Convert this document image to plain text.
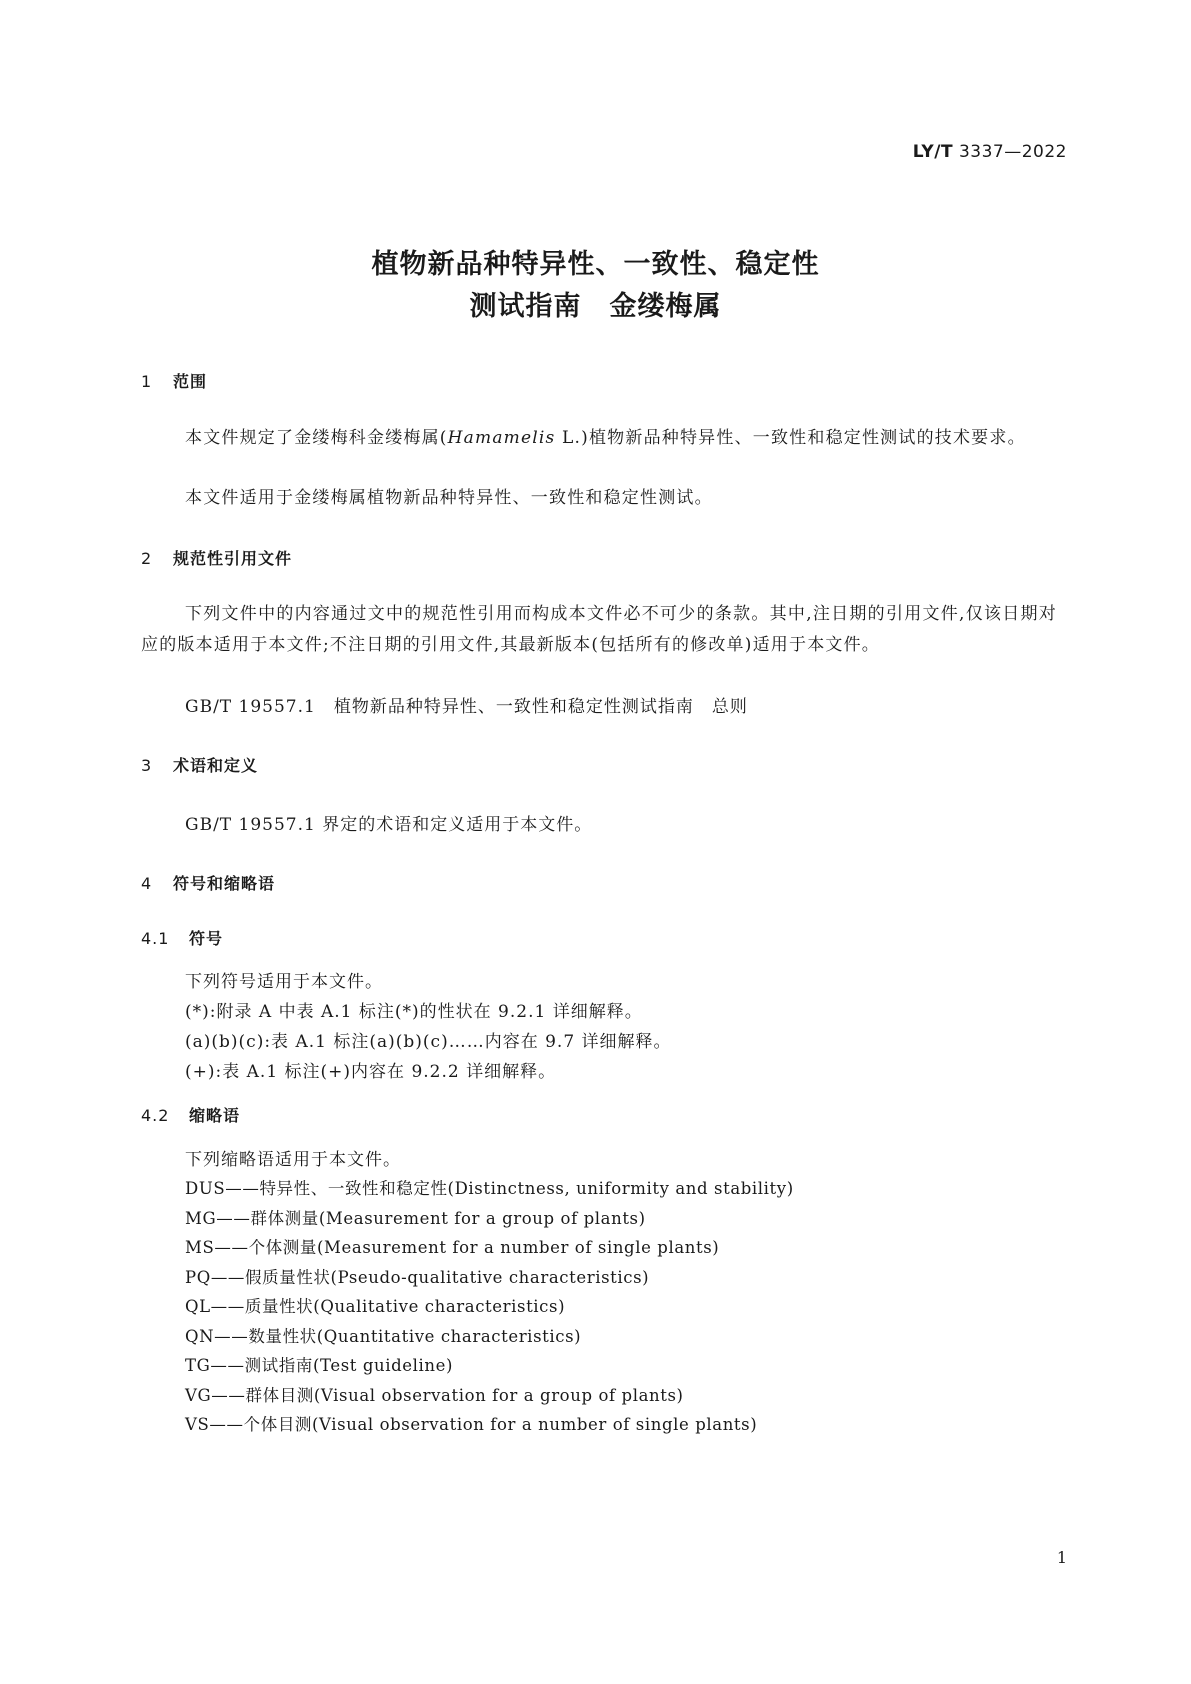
LY/T 3337—2022
植物新品种特异性、一致性、稳定性
测试指南　金缕梅属
1 范围
本文件规定了金缕梅科金缕梅属(Hamamelis L.)植物新品种特异性、一致性和稳定性测试的技术要求。
本文件适用于金缕梅属植物新品种特异性、一致性和稳定性测试。
2 规范性引用文件
下列文件中的内容通过文中的规范性引用而构成本文件必不可少的条款。其中,注日期的引用文件,仅该日期对应的版本适用于本文件;不注日期的引用文件,其最新版本(包括所有的修改单)适用于本文件。
GB/T 19557.1　植物新品种特异性、一致性和稳定性测试指南　总则
3 术语和定义
GB/T 19557.1 界定的术语和定义适用于本文件。
4 符号和缩略语
4.1 符号
下列符号适用于本文件。
(*):附录 A 中表 A.1 标注(*)的性状在 9.2.1 详细解释。
(a)(b)(c):表 A.1 标注(a)(b)(c)……内容在 9.7 详细解释。
(+):表 A.1 标注(+)内容在 9.2.2 详细解释。
4.2 缩略语
下列缩略语适用于本文件。
DUS——特异性、一致性和稳定性(Distinctness, uniformity and stability)
MG——群体测量(Measurement for a group of plants)
MS——个体测量(Measurement for a number of single plants)
PQ——假质量性状(Pseudo-qualitative characteristics)
QL——质量性状(Qualitative characteristics)
QN——数量性状(Quantitative characteristics)
TG——测试指南(Test guideline)
VG——群体目测(Visual observation for a group of plants)
VS——个体目测(Visual observation for a number of single plants)
1
